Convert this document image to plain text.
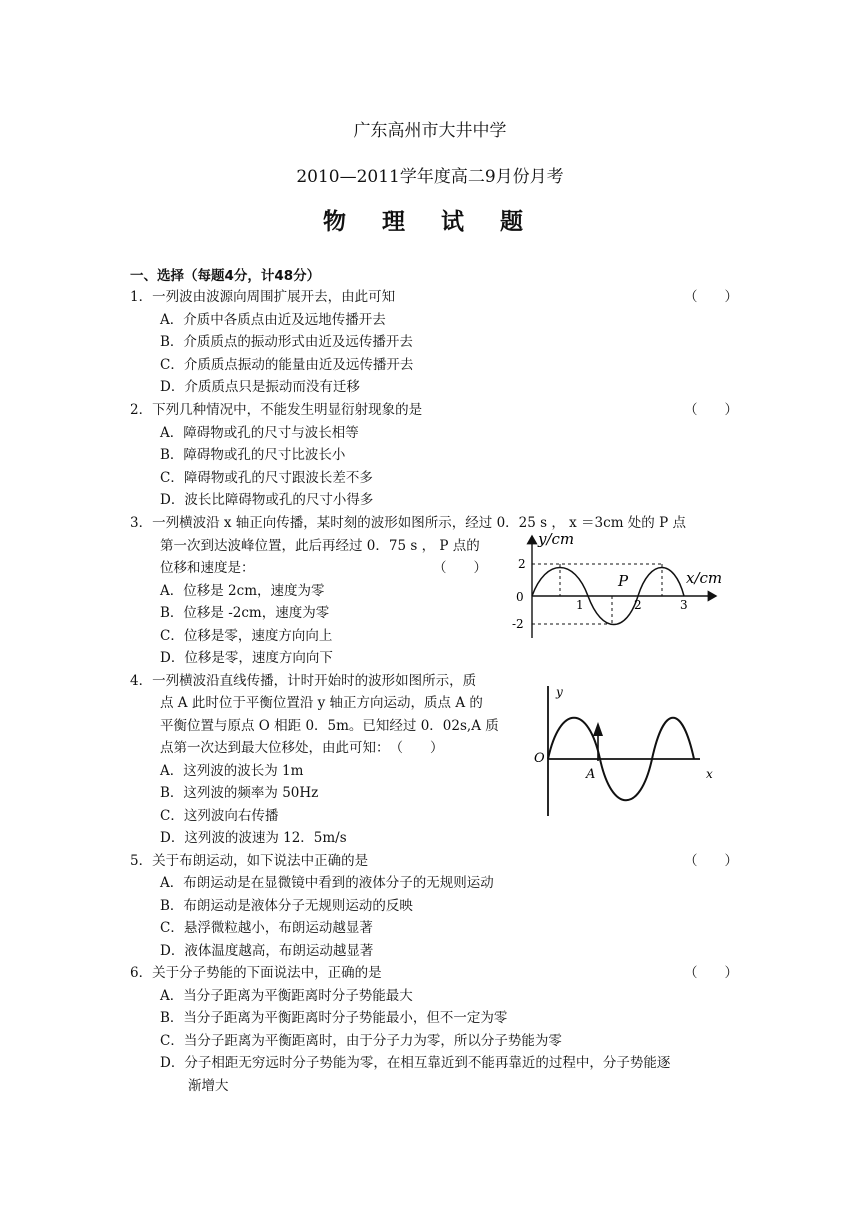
广东高州市大井中学
2010—2011学年度高二9月份月考
物 理 试 题
一、选择（每题4分，计48分）
1．一列波由波源向周围扩展开去，由此可知	（　　）
A．介质中各质点由近及远地传播开去
B．介质质点的振动形式由近及远传播开去
C．介质质点振动的能量由近及远传播开去
D．介质质点只是振动而没有迁移
2．下列几种情况中，不能发生明显衍射现象的是	（　　）
A．障碍物或孔的尺寸与波长相等
B．障碍物或孔的尺寸比波长小
C．障碍物或孔的尺寸跟波长差不多
D．波长比障碍物或孔的尺寸小得多
3．一列横波沿 x 轴正向传播，某时刻的波形如图所示，经过 0．25 s ， x ＝3cm 处的 P 点
第一次到达波峰位置，此后再经过 0．75 s ， P 点的
位移和速度是：	（　　）
A．位移是 2cm，速度为零
B．位移是 -2cm，速度为零
C．位移是零，速度方向向上
D．位移是零，速度方向向下
y/cm
x/cm
P
0
2
-2
1	2	3
4．一列横波沿直线传播，计时开始时的波形如图所示，质
点 A 此时位于平衡位置沿 y 轴正方向运动，质点 A 的
平衡位置与原点 O 相距 0．5m。已知经过 0．02s,A 质
点第一次达到最大位移处，由此可知：　（　　）
A．这列波的波长为 1m
B．这列波的频率为 50Hz
C．这列波向右传播
D．这列波的波速为 12．5m/s
y
O
A	x
5．关于布朗运动，如下说法中正确的是	（　　）
A．布朗运动是在显微镜中看到的液体分子的无规则运动
B．布朗运动是液体分子无规则运动的反映
C．悬浮微粒越小，布朗运动越显著
D．液体温度越高，布朗运动越显著
6．关于分子势能的下面说法中，正确的是	（　　）
A．当分子距离为平衡距离时分子势能最大
B．当分子距离为平衡距离时分子势能最小，但不一定为零
C．当分子距离为平衡距离时，由于分子力为零，所以分子势能为零
D．分子相距无穷远时分子势能为零，在相互靠近到不能再靠近的过程中，分子势能逐
渐增大
